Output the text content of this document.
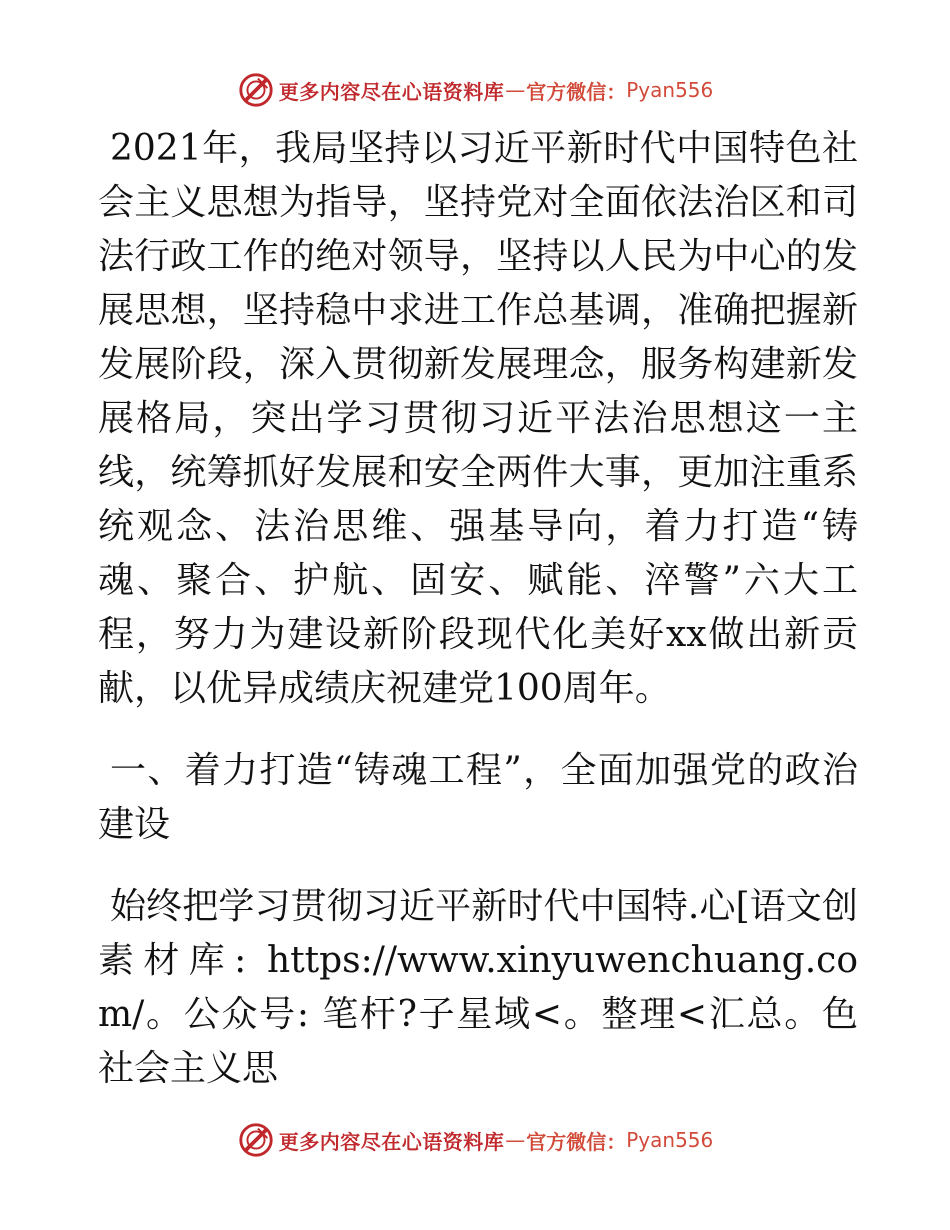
更多内容尽在心语资料库 — 官方微信： Pyan556

2021年，我局坚持以习近平新时代中国特色社会主义思想为指导，坚持党对全面依法治区和司法行政工作的绝对领导，坚持以人民为中心的发展思想，坚持稳中求进工作总基调，准确把握新发展阶段，深入贯彻新发展理念，服务构建新发展格局，突出学习贯彻习近平法治思想这一主线，统筹抓好发展和安全两件大事，更加注重系统观念、法治思维、强基导向，着力打造“铸魂、聚合、护航、固安、赋能、淬警”六大工程，努力为建设新阶段现代化美好xx做出新贡献，以优异成绩庆祝建党100周年。

一、着力打造“铸魂工程”，全面加强党的政治建设

始终把学习贯彻习近平新时代中国特.心[语文创素材库: https://www.xinyuwenchuang.com/。公众号: 笔杆?子星域<。整理<汇总。色社会主义思

更多内容尽在心语资料库 — 官方微信： Pyan556
